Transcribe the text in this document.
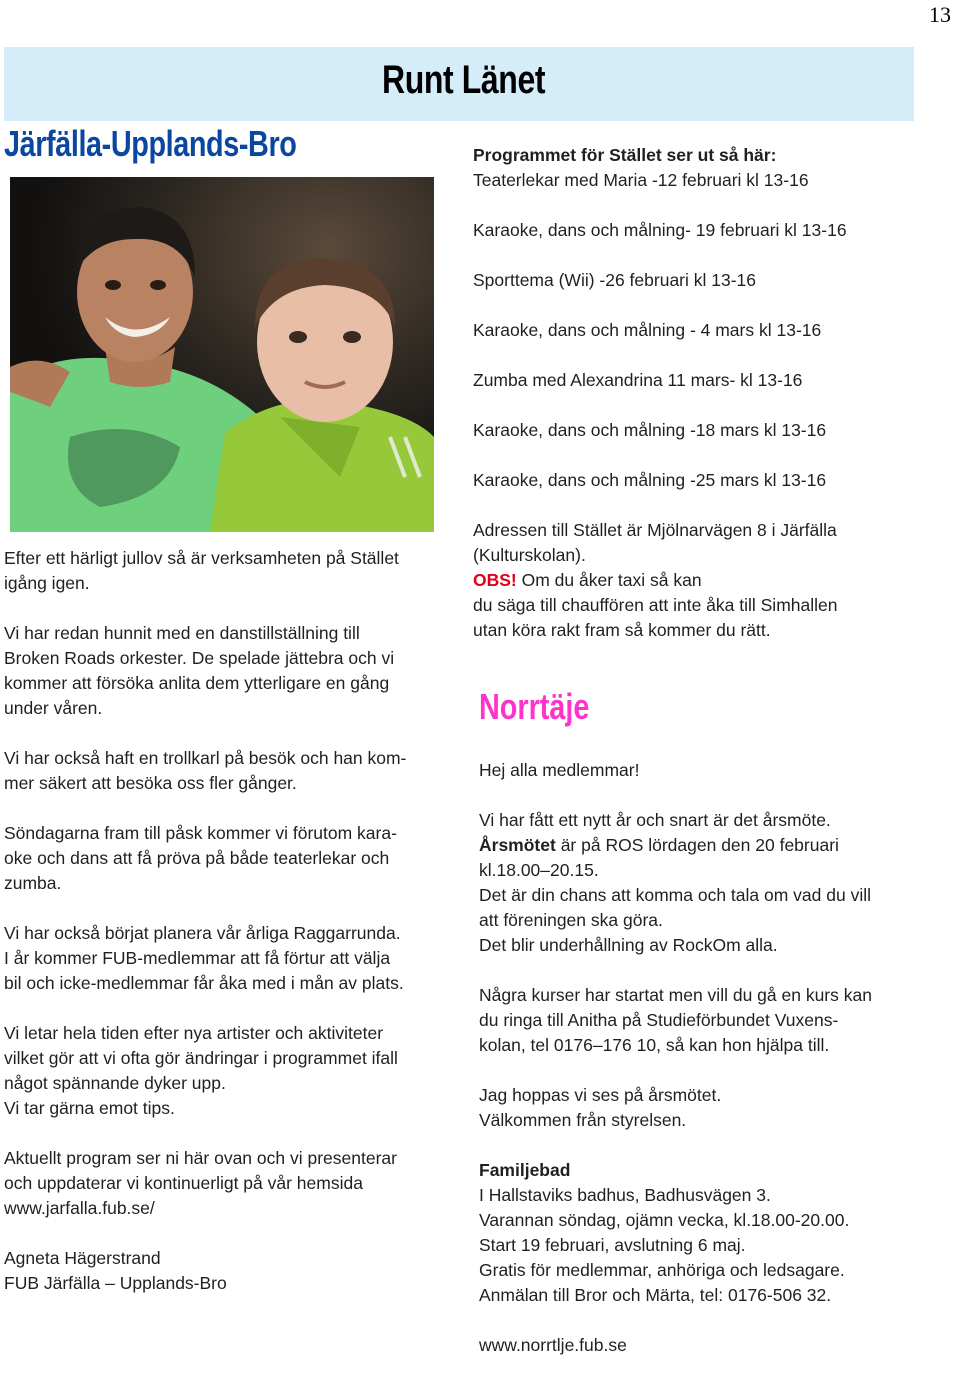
13
Runt Länet
Järfälla-Upplands-Bro	Programmet för Stället ser ut så här:
Teaterlekar med Maria -12 februari kl 13-16
Karaoke, dans och målning- 19 februari kl 13-16
Sporttema (Wii) -26 februari kl 13-16
Karaoke, dans och målning - 4 mars kl 13-16
Zumba med Alexandrina 11 mars- kl 13-16
Karaoke, dans och målning -18 mars kl 13-16
Karaoke, dans och målning -25 mars kl 13-16
Adressen till Stället är Mjölnarvägen 8 i Järfälla
(Kulturskolan).
OBS! Om du åker taxi så kan
du säga till chauffören att inte åka till Simhallen
utan köra rakt fram så kommer du rätt.

Efter ett härligt jullov så är verksamheten på Stället
igång igen.

Vi har redan hunnit med en danstillställning till
Broken Roads orkester. De spelade jättebra och vi
kommer att försöka anlita dem ytterligare en gång
under våren.

Vi har också haft en trollkarl på besök och han kom-
mer säkert att besöka oss fler gånger.

Söndagarna fram till påsk kommer vi förutom kara-
oke och dans att få pröva på både teaterlekar och
zumba.

Vi har också börjat planera vår årliga Raggarrunda.
I år kommer FUB-medlemmar att få förtur att välja
bil och icke-medlemmar får åka med i mån av plats.

Vi letar hela tiden efter nya artister och aktiviteter
vilket gör att vi ofta gör ändringar i programmet ifall
något spännande dyker upp.
Vi tar gärna emot tips.

Aktuellt program ser ni här ovan och vi presenterar
och uppdaterar vi kontinuerligt på vår hemsida
www.jarfalla.fub.se/

Agneta Hägerstrand
FUB Järfälla – Upplands-Bro

Norrtäje

Hej alla medlemmar!

Vi har fått ett nytt år och snart är det årsmöte.
Årsmötet är på ROS lördagen den 20 februari
kl.18.00–20.15.
Det är din chans att komma och tala om vad du vill
att föreningen ska göra.
Det blir underhållning av RockOm alla.

Några kurser har startat men vill du gå en kurs kan
du ringa till Anitha på Studieförbundet Vuxens-
kolan, tel 0176–176 10, så kan hon hjälpa till.

Jag hoppas vi ses på årsmötet.
Välkommen från styrelsen.

Familjebad
I Hallstaviks badhus, Badhusvägen 3.
Varannan söndag, ojämn vecka, kl.18.00-20.00.
Start 19 februari, avslutning 6 maj.
Gratis för medlemmar, anhöriga och ledsagare.
Anmälan till Bror och Märta, tel: 0176-506 32.

www.norrtlje.fub.se
